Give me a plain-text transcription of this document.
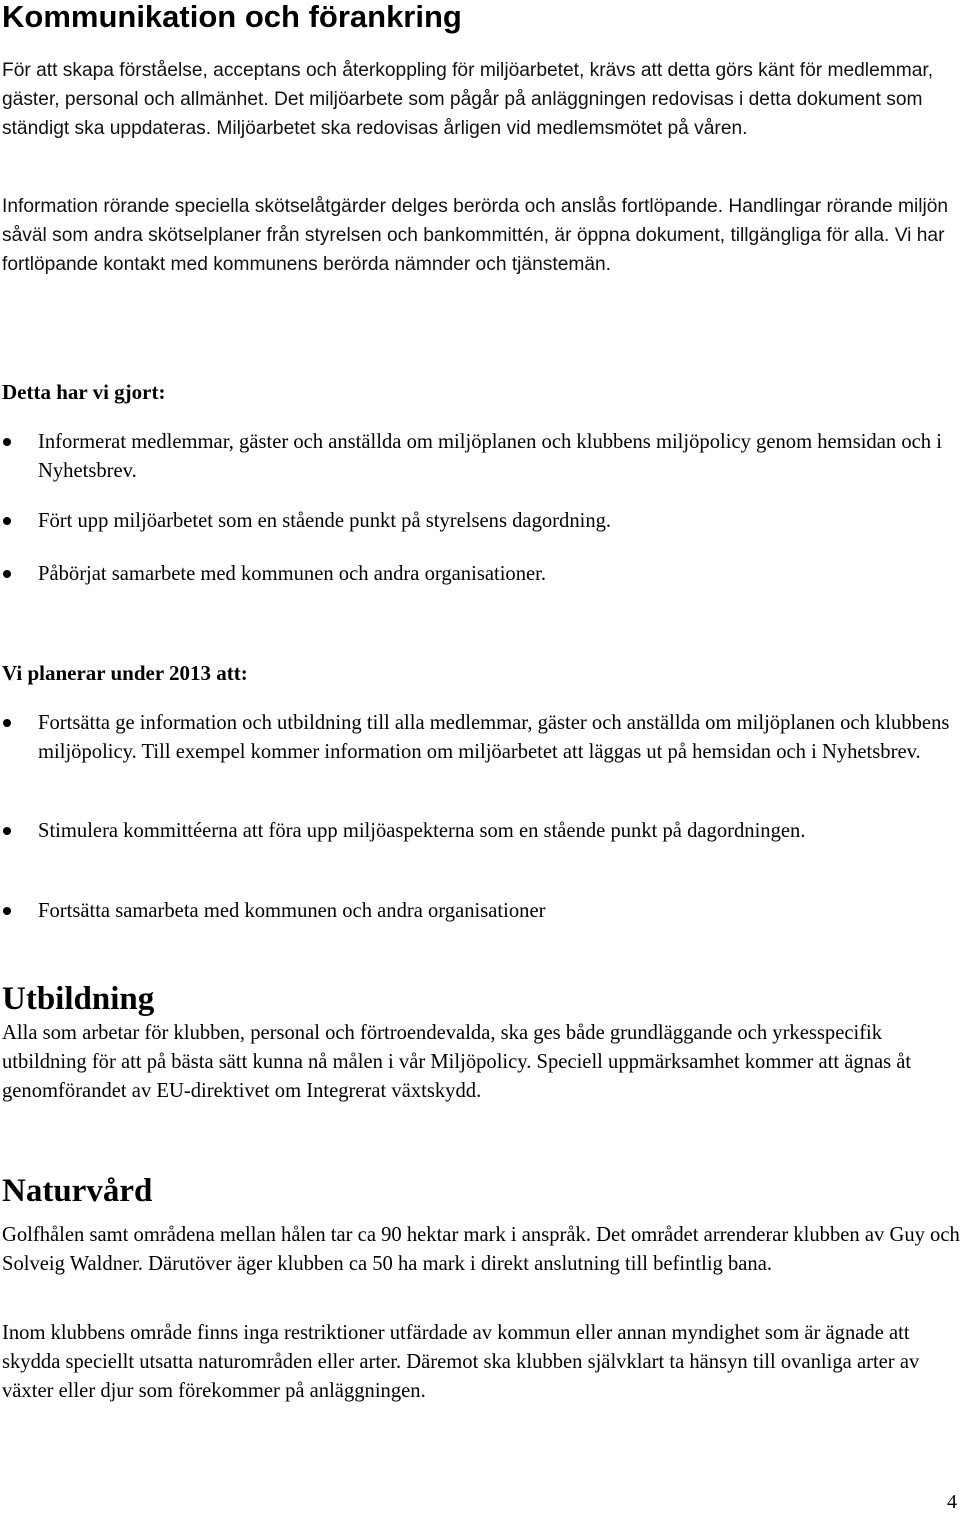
Kommunikation och förankring

För att skapa förståelse, acceptans och återkoppling för miljöarbetet, krävs att detta görs känt för medlemmar, gäster, personal och allmänhet. Det miljöarbete som pågår på anläggningen redovisas i detta dokument som ständigt ska uppdateras. Miljöarbetet ska redovisas årligen vid medlemsmötet på våren.

Information rörande speciella skötselåtgärder delges berörda och anslås fortlöpande. Handlingar rörande miljön såväl som andra skötselplaner från styrelsen och bankommittén, är öppna dokument, tillgängliga för alla. Vi har fortlöpande kontakt med kommunens berörda nämnder och tjänstemän.

Detta har vi gjort:

Informerat medlemmar, gäster och anställda om miljöplanen och klubbens miljöpolicy genom hemsidan och i Nyhetsbrev.

Fört upp miljöarbetet som en stående punkt på styrelsens dagordning.

Påbörjat samarbete med kommunen och andra organisationer.

Vi planerar under 2013 att:

Fortsätta ge information och utbildning till alla medlemmar, gäster och anställda om miljöplanen och klubbens miljöpolicy. Till exempel kommer information om miljöarbetet att läggas ut på hemsidan och i Nyhetsbrev.

Stimulera kommittéerna att föra upp miljöaspekterna som en stående punkt på dagordningen.

Fortsätta samarbeta med kommunen och andra organisationer

Utbildning

Alla som arbetar för klubben, personal och förtroendevalda, ska ges både grundläggande och yrkesspecifik utbildning för att på bästa sätt kunna nå målen i vår Miljöpolicy. Speciell uppmärksamhet kommer att ägnas åt genomförandet av EU-direktivet om Integrerat växtskydd.

Naturvård

Golfhålen samt områdena mellan hålen tar ca 90 hektar mark i anspråk. Det området arrenderar klubben av Guy och Solveig Waldner. Därutöver äger klubben ca 50 ha mark i direkt anslutning till befintlig bana.

Inom klubbens område finns inga restriktioner utfärdade av kommun eller annan myndighet som är ägnade att skydda speciellt utsatta naturområden eller arter. Däremot ska klubben självklart ta hänsyn till ovanliga arter av växter eller djur som förekommer på anläggningen.

4
